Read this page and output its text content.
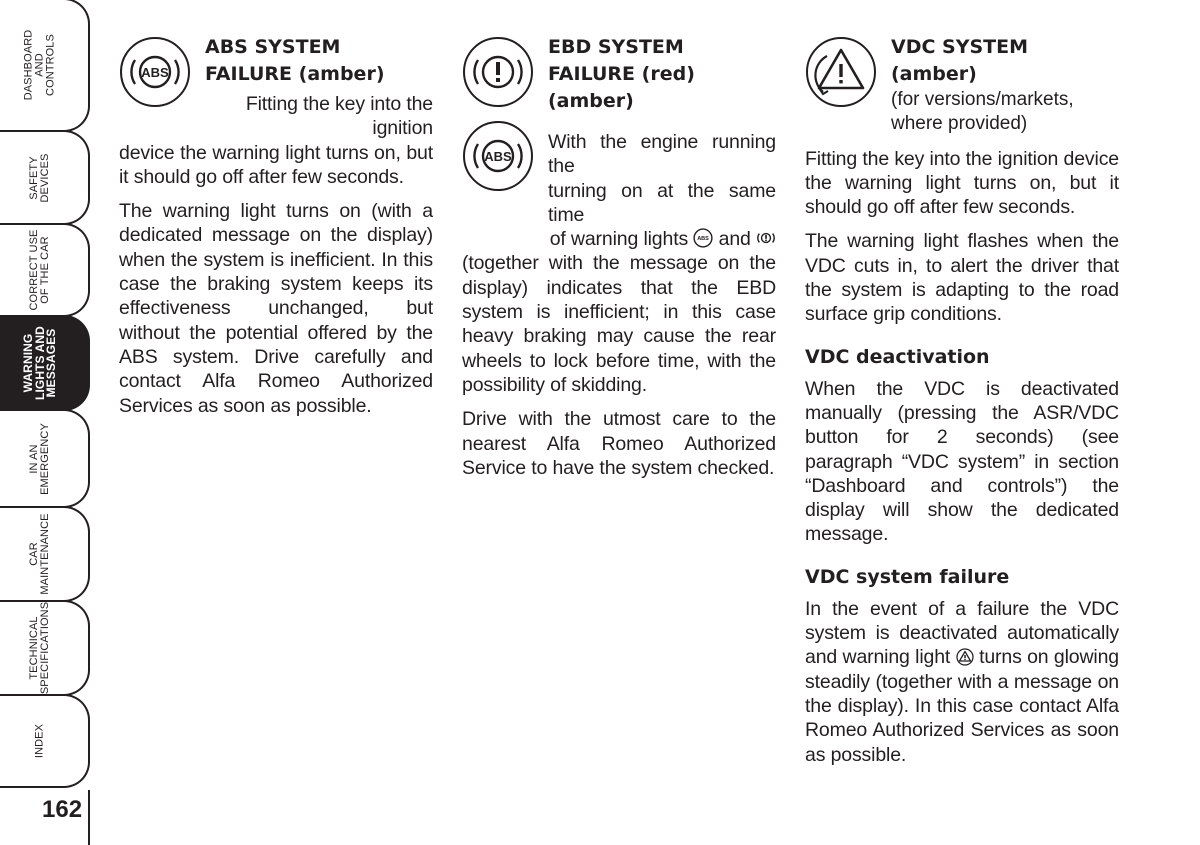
DASHBOARD
AND
CONTROLS
SAFETY
DEVICES
CORRECT USE
OF THE CAR
WARNING
LIGHTS AND
MESSAGES
IN AN
EMERGENCY
CAR
MAINTENANCE
TECHNICAL
SPECIFICATIONS
INDEX
162
ABS
ABS SYSTEM
FAILURE (amber)
Fitting the key into the ignition
device the warning light turns on, but it should go off after few seconds.
The warning light turns on (with a dedicated message on the display) when the system is inefficient. In this case the braking system keeps its effectiveness unchanged, but without the potential offered by the ABS system. Drive carefully and contact Alfa Romeo Authorized Services as soon as possible.
EBD SYSTEM
FAILURE (red)
(amber)
ABS
With the engine running the
turning on at the same time
of warning lights ABS and
(together with the message on the display) indicates that the EBD system is inefficient; in this case heavy braking may cause the rear wheels to lock before time, with the possibility of skidding.
Drive with the utmost care to the nearest Alfa Romeo Authorized Service to have the system checked.
VDC SYSTEM
(amber)
(for versions/markets,
where provided)
Fitting the key into the ignition device the warning light turns on, but it should go off after few seconds.
The warning light flashes when the VDC cuts in, to alert the driver that the system is adapting to the road surface grip conditions.
VDC deactivation
When the VDC is deactivated manually (pressing the ASR/VDC button for 2 seconds) (see paragraph “VDC system” in section “Dashboard and controls”) the display will show the dedicated message.
VDC system failure
In the event of a failure the VDC system is deactivated automatically and warning light turns on glowing steadily (together with a message on the display). In this case contact Alfa Romeo Authorized Services as soon as possible.
